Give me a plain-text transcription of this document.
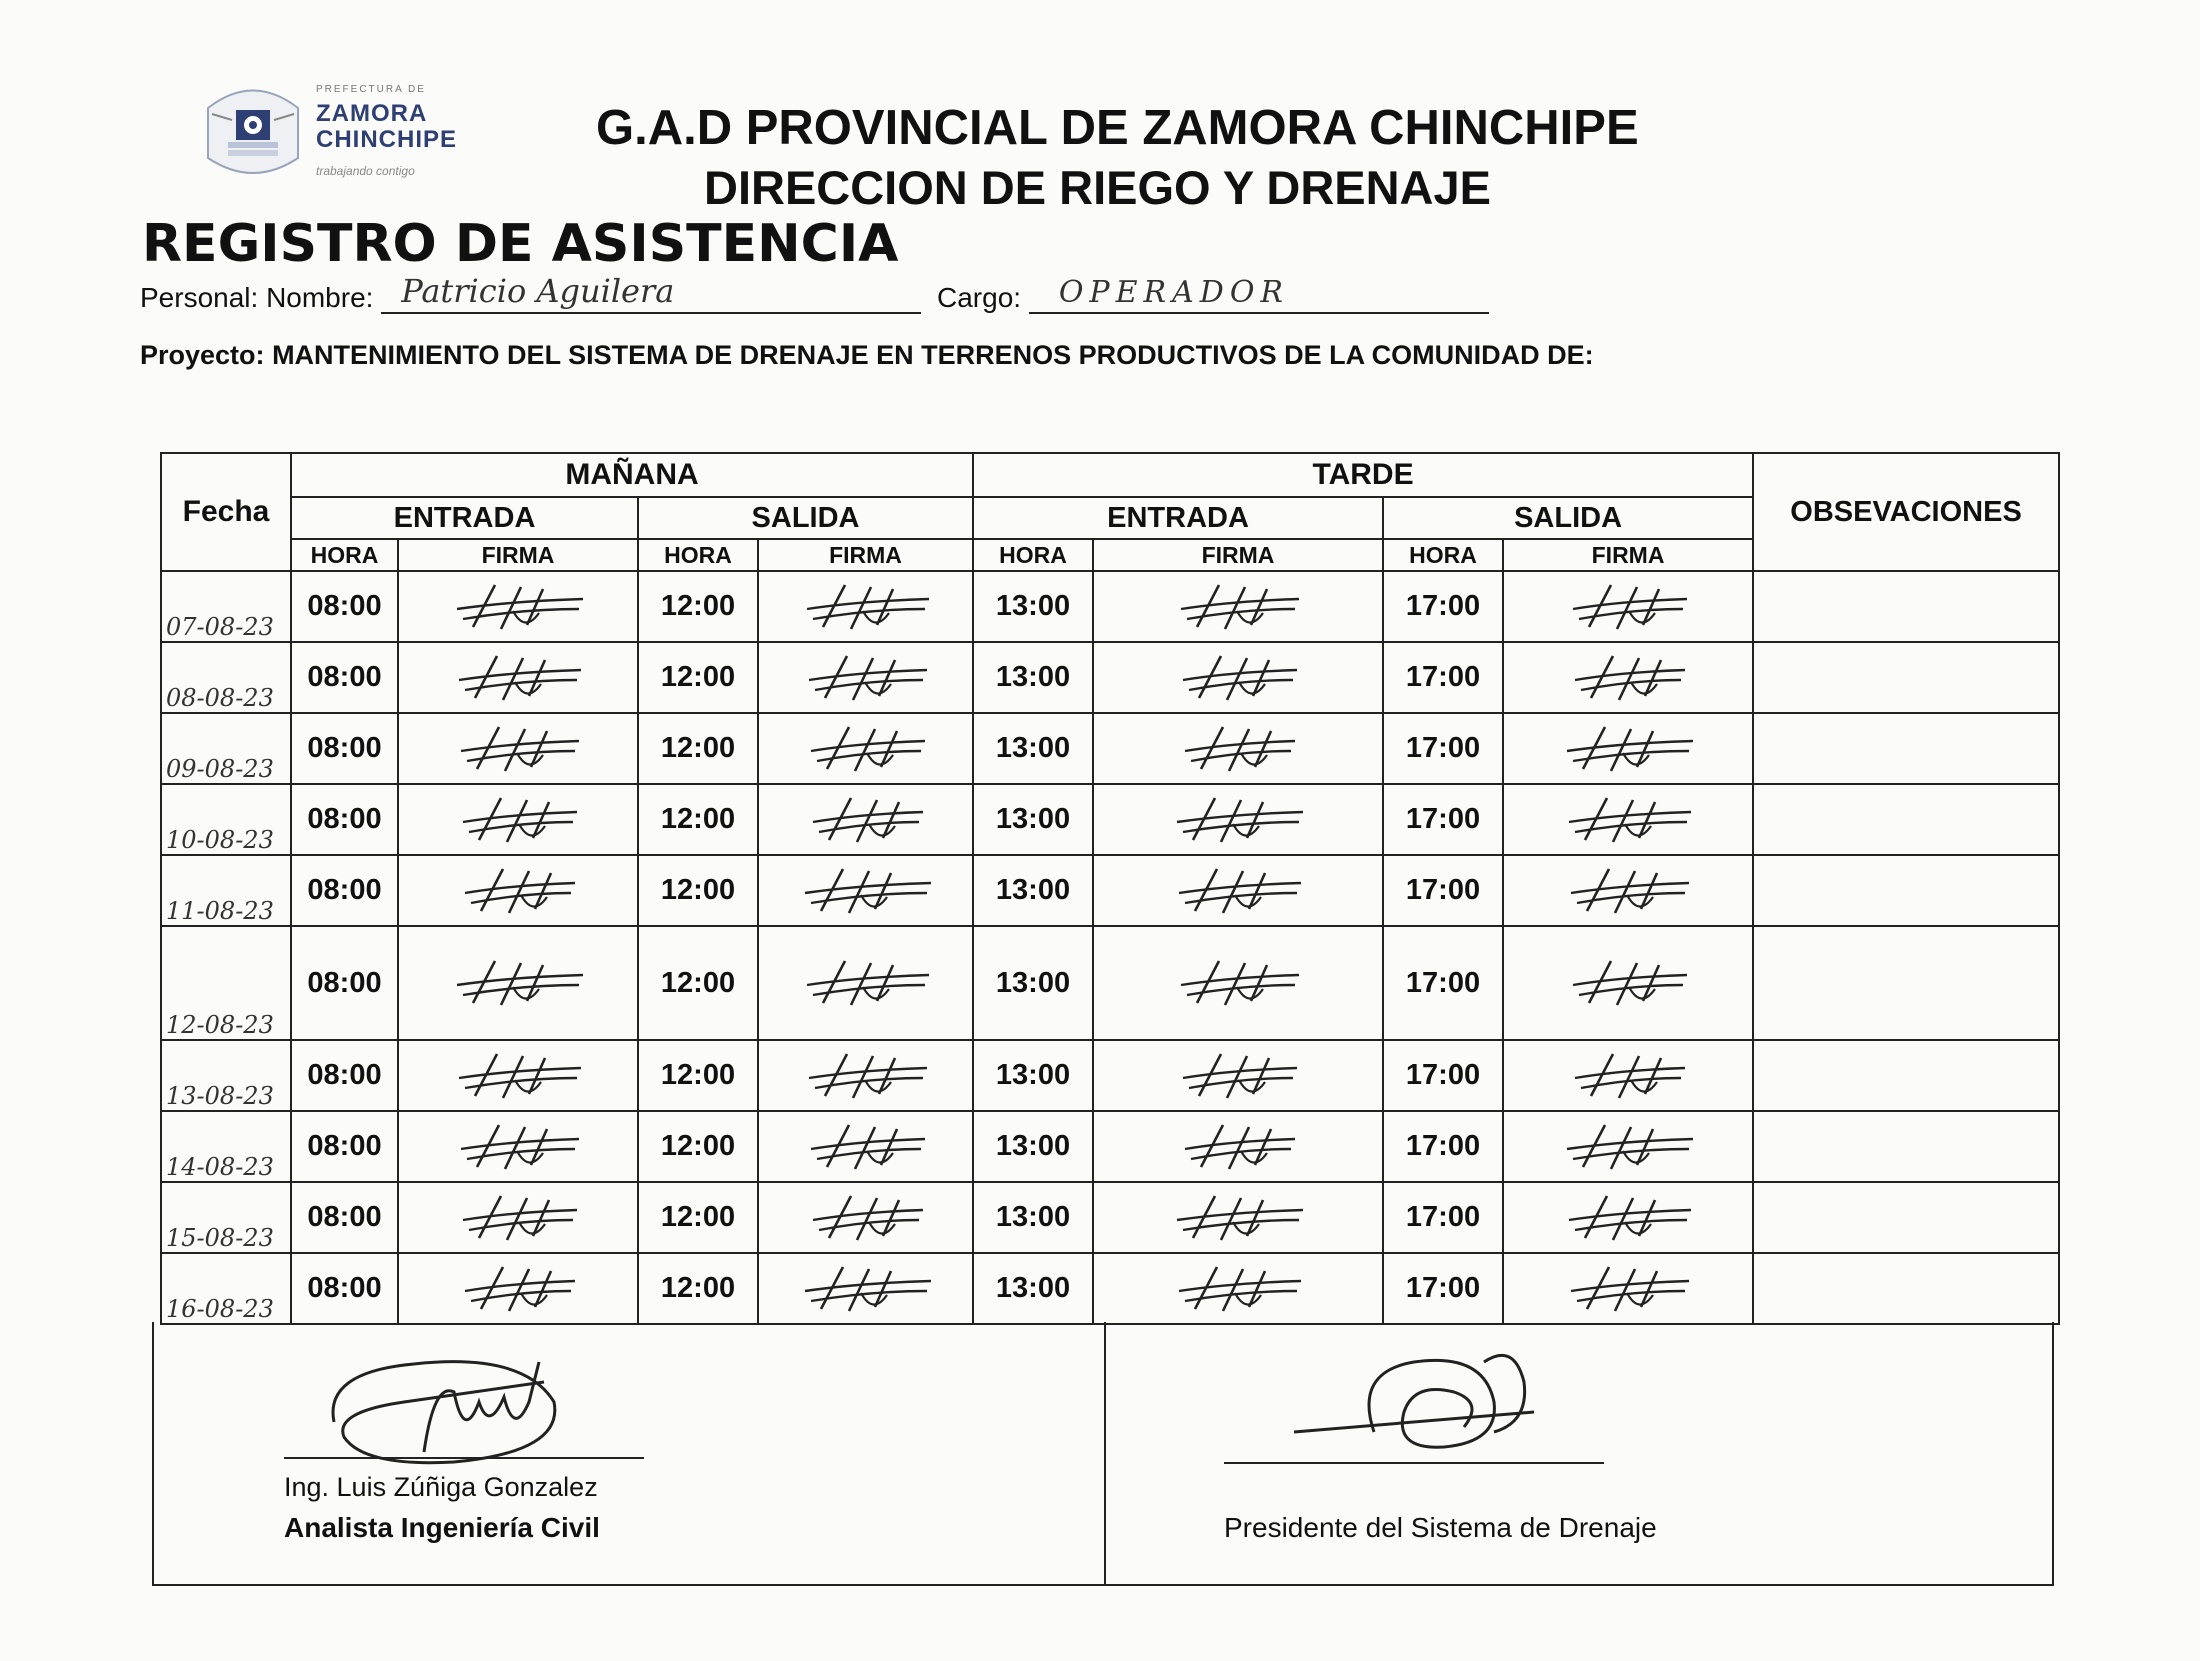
PREFECTURA DE
ZAMORA
CHINCHIPE
trabajando contigo
G.A.D PROVINCIAL DE ZAMORA CHINCHIPE
DIRECCION DE RIEGO Y DRENAJE
REGISTRO DE ASISTENCIA
Personal: Nombre: Patricio Aguilera	Cargo: OPERADOR
Proyecto: MANTENIMIENTO DEL SISTEMA DE DRENAJE EN TERRENOS PRODUCTIVOS DE LA COMUNIDAD DE:
Fecha	MAÑANA				TARDE				OBSEVACIONES
	ENTRADA		SALIDA		ENTRADA		SALIDA		
	HORA	FIRMA	HORA	FIRMA	HORA	FIRMA	HORA	FIRMA	
07-08-23	08:00		12:00		13:00		17:00	

08-08-23	08:00		12:00		13:00		17:00	

09-08-23	08:00		12:00		13:00		17:00	

10-08-23	08:00		12:00		13:00		17:00	

11-08-23	08:00		12:00		13:00		17:00	

12-08-23	08:00		12:00		13:00		17:00	

13-08-23	08:00		12:00		13:00		17:00	

14-08-23	08:00		12:00		13:00		17:00	

15-08-23	08:00		12:00		13:00		17:00	

16-08-23	08:00		12:00		13:00		17:00	

Ing. Luis Zúñiga Gonzalez
Analista Ingeniería Civil	Presidente del Sistema de Drenaje
